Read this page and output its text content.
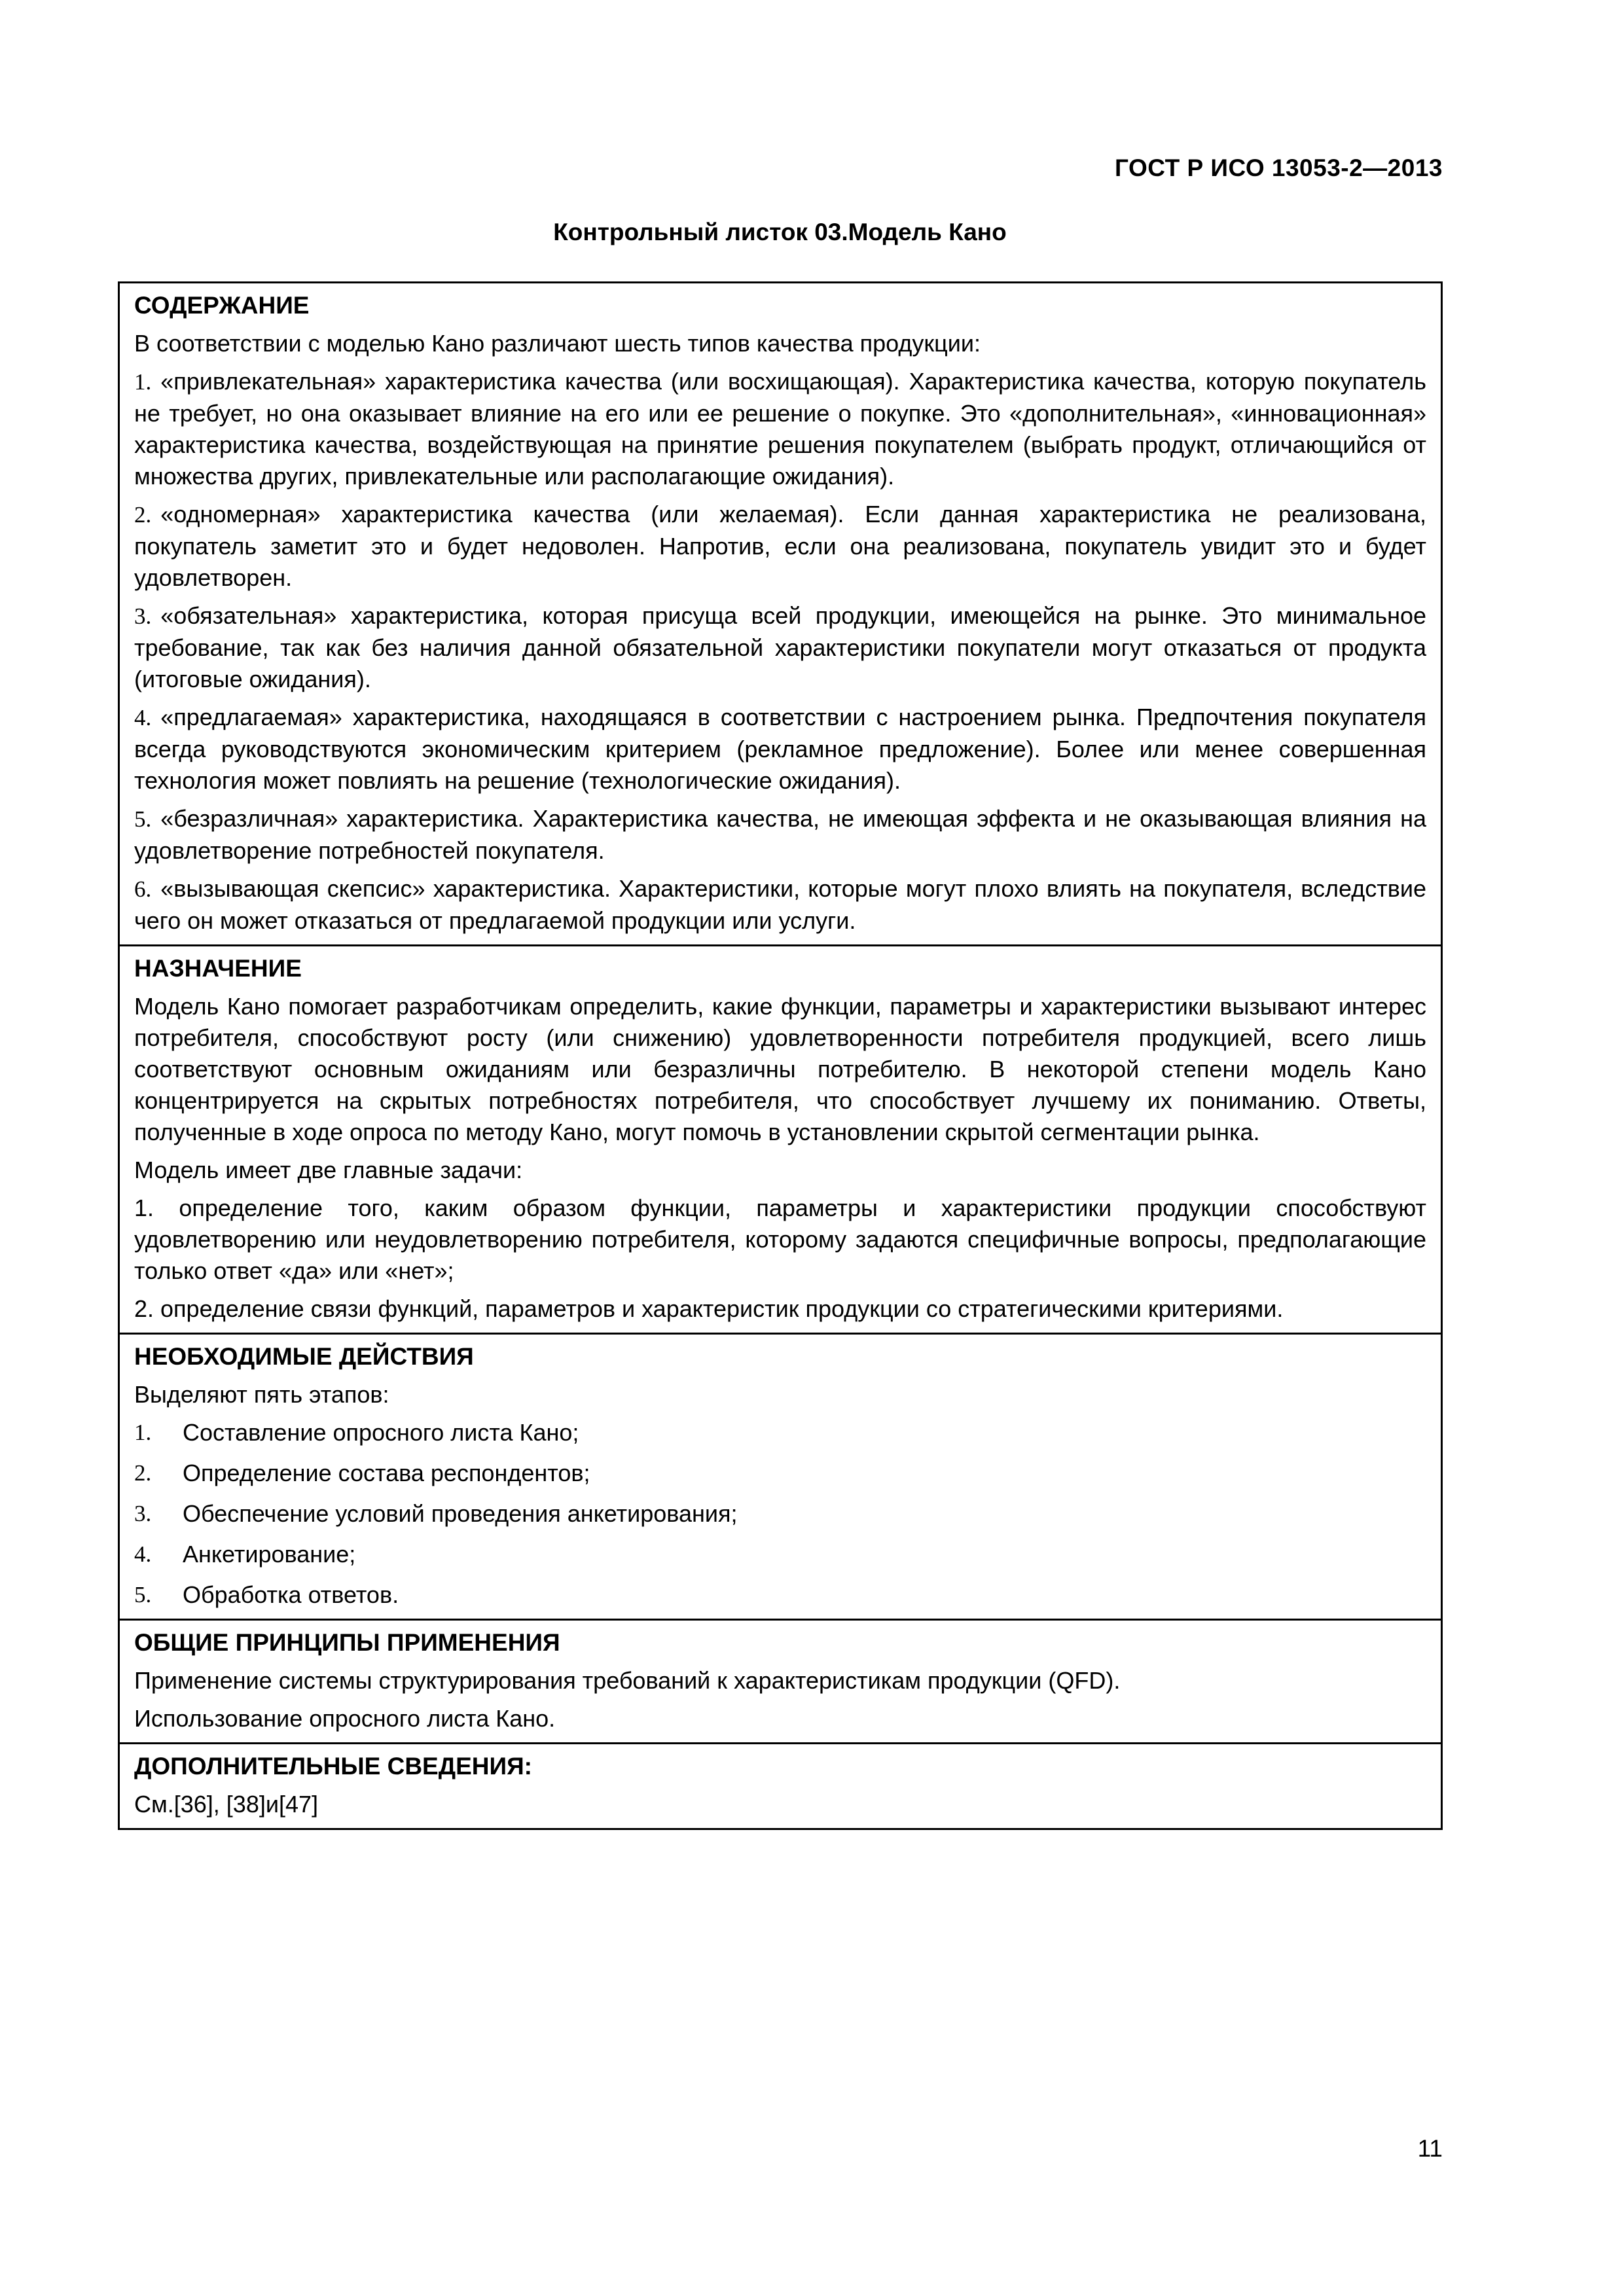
ГОСТ Р ИСО 13053-2—2013
Контрольный листок 03.Модель Кано
СОДЕРЖАНИЕ

В соответствии с моделью Кано различают шесть типов качества продукции:

1. «привлекательная» характеристика качества (или восхищающая). Характеристика качества, которую покупатель не требует, но она оказывает влияние на его или ее решение о покупке. Это «дополнительная», «инновационная» характеристика качества, воздействующая на принятие решения покупателем (выбрать продукт, отличающийся от множества других, привлекательные или располагающие ожидания).

2. «одномерная» характеристика качества (или желаемая). Если данная характеристика не реализована, покупатель заметит это и будет недоволен. Напротив, если она реализована, покупатель увидит это и будет удовлетворен.

3. «обязательная» характеристика, которая присуща всей продукции, имеющейся на рынке. Это минимальное требование, так как без наличия данной обязательной характеристики покупатели могут отказаться от продукта (итоговые ожидания).

4. «предлагаемая» характеристика, находящаяся в соответствии с настроением рынка. Предпочтения покупателя всегда руководствуются экономическим критерием (рекламное предложение). Более или менее совершенная технология может повлиять на решение (технологические ожидания).

5. «безразличная» характеристика. Характеристика качества, не имеющая эффекта и не оказывающая влияния на удовлетворение потребностей покупателя.

6. «вызывающая скепсис» характеристика. Характеристики, которые могут плохо влиять на покупателя, вследствие чего он может отказаться от предлагаемой продукции или услуги.

НАЗНАЧЕНИЕ

Модель Кано помогает разработчикам определить, какие функции, параметры и характеристики вызывают интерес потребителя, способствуют росту (или снижению) удовлетворенности потребителя продукцией, всего лишь соответствуют основным ожиданиям или безразличны потребителю. В некоторой степени модель Кано концентрируется на скрытых потребностях потребителя, что способствует лучшему их пониманию. Ответы, полученные в ходе опроса по методу Кано, могут помочь в установлении скрытой сегментации рынка.

Модель имеет две главные задачи:

1. определение того, каким образом функции, параметры и характеристики продукции способствуют удовлетворению или неудовлетворению потребителя, которому задаются специфичные вопросы, предполагающие только ответ «да» или «нет»;

2. определение связи функций, параметров и характеристик продукции со стратегическими критериями.

НЕОБХОДИМЫЕ ДЕЙСТВИЯ

Выделяют пять этапов:

1.	Составление опросного листа Кано;
2.	Определение состава респондентов;
3.	Обеспечение условий проведения анкетирования;
4.	Анкетирование;
5.	Обработка ответов.
ОБЩИЕ ПРИНЦИПЫ ПРИМЕНЕНИЯ

Применение системы структурирования требований к характеристикам продукции (QFD).

Использование опросного листа Кано.

ДОПОЛНИТЕЛЬНЫЕ СВЕДЕНИЯ:

См.[36], [38]и[47]

11
